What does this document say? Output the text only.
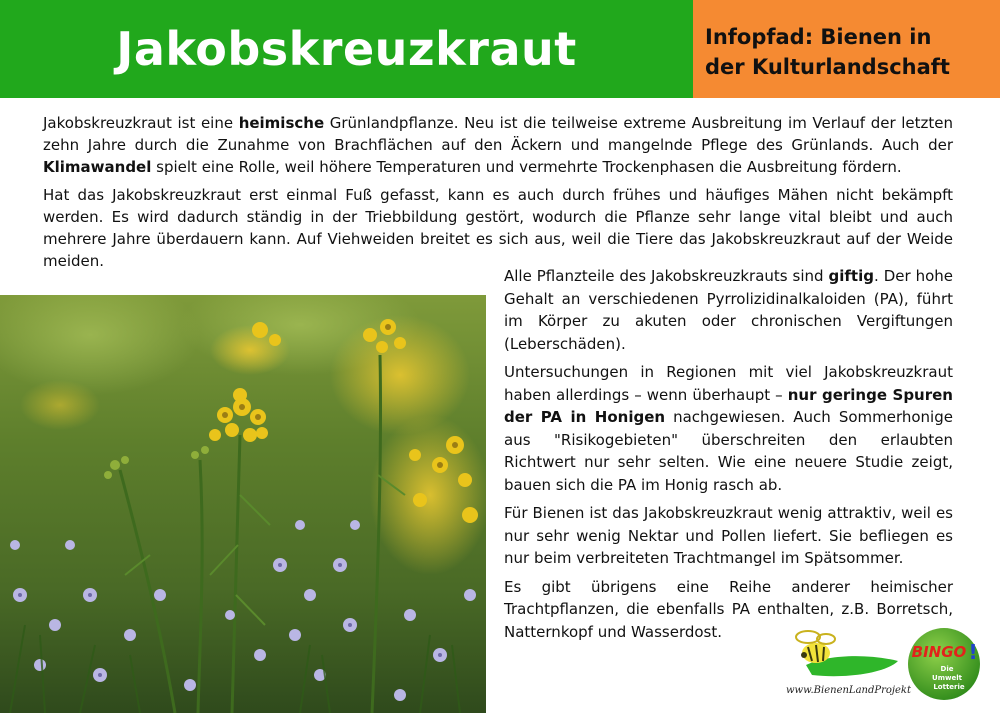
Jakobskreuzkraut	Infopfad: Bienen in
der Kulturlandschaft

Jakobskreuzkraut ist eine heimische Grünlandpflanze. Neu ist die teilweise extreme Ausbreitung im Verlauf der letzten zehn Jahre durch die Zunahme von Brachflächen auf den Äckern und mangelnde Pflege des Grünlands. Auch der Klimawandel spielt eine Rolle, weil höhere Temperaturen und vermehrte Trockenphasen die Ausbreitung fördern.

Hat das Jakobskreuzkraut erst einmal Fuß gefasst, kann es auch durch frühes und häufiges Mähen nicht bekämpft werden. Es wird dadurch ständig in der Triebbildung gestört, wodurch die Pflanze sehr lange vital bleibt und auch mehrere Jahre überdauern kann. Auf Viehweiden breitet es sich aus, weil die Tiere das Jakobskreuzkraut auf der Weide meiden.

Alle Pflanzteile des Jakobskreuzkrauts sind giftig. Der hohe Gehalt an verschiedenen Pyrrolizidinalkaloiden (PA), führt im Körper zu akuten oder chronischen Vergiftungen (Leberschäden).

Untersuchungen in Regionen mit viel Jakobskreuzkraut haben allerdings – wenn überhaupt – nur geringe Spuren der PA in Honigen nachgewiesen. Auch Sommerhonige aus "Risikogebieten" überschreiten den erlaubten Richtwert nur sehr selten. Wie eine neuere Studie zeigt, bauen sich die PA im Honig rasch ab.

Für Bienen ist das Jakobskreuzkraut wenig attraktiv, weil es nur sehr wenig Nektar und Pollen liefert. Sie befliegen es nur beim verbreiteten Trachtmangel im Spätsommer.

Es gibt übrigens eine Reihe anderer heimischer Trachtpflanzen, die ebenfalls PA enthalten, z.B. Borretsch, Natternkopf und Wasserdost.

www.BienenLandProjekt
BINGO !
Die
Umwelt
Lotterie
